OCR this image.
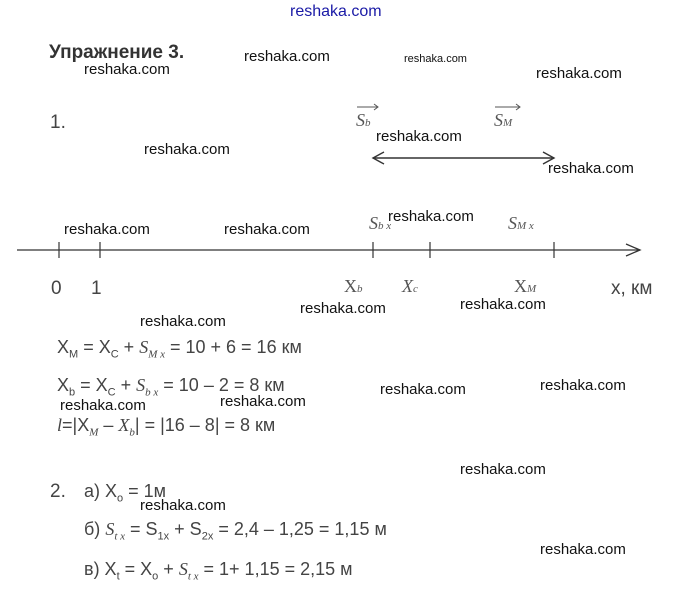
reshaka.com
reshaka.com	reshaka.com
reshaka.com	reshaka.com
reshaka.com
reshaka.com
reshaka.com
reshaka.com
reshaka.com	reshaka.com
reshaka.com
reshaka.com
reshaka.com
reshaka.com
reshaka.com
reshaka.com
reshaka.com
reshaka.com
reshaka.com
reshaka.com
Упражнение 3.
1.	Sb	SM
Sb x	SM x
0 1	Xb Xc	XM	x, км
$X_M = X_C + S_{M x} = 10 + 6 = 16$ км
$X_b = X_C + S_{b x} = 10 - 2 = 8$ км
$l=|X_M - X_b| = |16 - 8| = 8$ км
2. а) $X_о = 1м$
б) $S_{t x} = S_{1x} + S_{2x} = 2,4 - 1,25 = 1,15$ м
в) $X_t = X_о + S_{t x} = 1+ 1,15 = 2,15$ м
